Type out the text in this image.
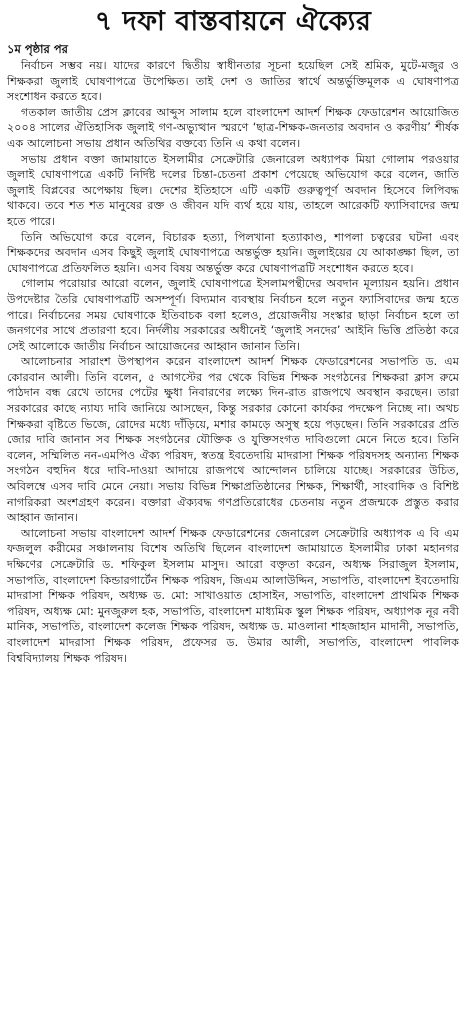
৭ দফা বাস্তবায়নে ঐক্যের
১ম পৃষ্ঠার পর

নির্বাচন সম্ভব নয়। যাদের কারণে দ্বিতীয় স্বাধীনতার সূচনা হয়েছিল সেই শ্রমিক, মুটে-মজুর ও শিক্ষকরা জুলাই ঘোষণাপত্রে উপেক্ষিত। তাই দেশ ও জাতির স্বার্থে অন্তর্ভুক্তিমূলক এ ঘোষণাপত্র সংশোধন করতে হবে।

গতকাল জাতীয় প্রেস ক্লাবের আব্দুস সালাম হলে বাংলাদেশ আদর্শ শিক্ষক ফেডারেশন আয়োজিত ২০০৪ সালের ঐতিহাসিক জুলাই গণ-অভ্যুত্থান স্মরণে ‘ছাত্র-শিক্ষক-জনতার অবদান ও করণীয়’ শীর্ষক এক আলোচনা সভায় প্রধান অতিথির বক্তব্যে তিনি এ কথা বলেন।

সভায় প্রধান বক্তা জামায়াতে ইসলামীর সেক্রেটারি জেনারেল অধ্যাপক মিয়া গোলাম পরওয়ার জুলাই ঘোষণাপত্রে একটি নির্দিষ্ট দলের চিন্তা-চেতনা প্রকাশ পেয়েছে অভিযোগ করে বলেন, জাতি জুলাই বিপ্লবের অপেক্ষায় ছিল। দেশের ইতিহাসে এটি একটি গুরুত্বপূর্ণ অবদান হিসেবে লিপিবদ্ধ থাকবে। তবে শত শত মানুষের রক্ত ও জীবন যদি ব্যর্থ হয়ে যায়, তাহলে আরেকটি ফ্যাসিবাদের জন্ম হতে পারে।

তিনি অভিযোগ করে বলেন, বিচারক হত্যা, পিলখানা হত্যাকাণ্ড, শাপলা চত্বরের ঘটনা এবং শিক্ষকদের অবদান এসব কিছুই জুলাই ঘোষণাপত্রে অন্তর্ভুক্ত হয়নি। জুলাইয়ের যে আকাঙ্ক্ষা ছিল, তা ঘোষণাপত্রে প্রতিফলিত হয়নি। এসব বিষয় অন্তর্ভুক্ত করে ঘোষণাপত্রটি সংশোধন করতে হবে।

গোলাম পরোয়ার আরো বলেন, জুলাই ঘোষণাপত্রে ইসলামপন্থীদের অবদান মূল্যায়ন হয়নি। প্রধান উপদেষ্টার তৈরি ঘোষণাপত্রটি অসম্পূর্ণ। বিদ্যমান ব্যবস্থায় নির্বাচন হলে নতুন ফ্যাসিবাদের জন্ম হতে পারে। নির্বাচনের সময় ঘোষণাকে ইতিবাচক বলা হলেও, প্রয়োজনীয় সংস্কার ছাড়া নির্বাচন হলে তা জনগণের সাথে প্রতারণা হবে। নির্দলীয় সরকারের অধীনেই ‘জুলাই সনদের’ আইনি ভিত্তি প্রতিষ্ঠা করে সেই আলোকে জাতীয় নির্বাচন আয়োজনের আহ্বান জানান তিনি।

আলোচনার সারাংশ উপস্থাপন করেন বাংলাদেশ আদর্শ শিক্ষক ফেডারেশনের সভাপতি ড. এম কোরবান আলী। তিনি বলেন, ৫ আগস্টের পর থেকে বিভিন্ন শিক্ষক সংগঠনের শিক্ষকরা ক্লাস রুমে পাঠদান বন্ধ রেখে তাদের পেটের ক্ষুধা নিবারণের লক্ষ্যে দিন-রাত রাজপথে অবস্থান করছেন। তারা সরকারের কাছে ন্যায্য দাবি জানিয়ে আসছেন, কিন্তু সরকার কোনো কার্যকর পদক্ষেপ নিচ্ছে না। অথচ শিক্ষকরা বৃষ্টিতে ভিজে, রোদের মধ্যে দাঁড়িয়ে, মশার কামড়ে অসুস্থ হয়ে পড়ছেন। তিনি সরকারের প্রতি জোর দাবি জানান সব শিক্ষক সংগঠনের যৌক্তিক ও যুক্তিসংগত দাবিগুলো মেনে নিতে হবে। তিনি বলেন, সম্মিলিত নন-এমপিও ঐক্য পরিষদ, স্বতন্ত্র ইবতেদায়ি মাদরাসা শিক্ষক পরিষদসহ অন্যান্য শিক্ষক সংগঠন বহুদিন ধরে দাবি-দাওয়া আদায়ে রাজপথে আন্দোলন চালিয়ে যাচ্ছে। সরকারের উচিত, অবিলম্বে এসব দাবি মেনে নেয়া। সভায় বিভিন্ন শিক্ষাপ্রতিষ্ঠানের শিক্ষক, শিক্ষার্থী, সাংবাদিক ও বিশিষ্ট নাগরিকরা অংশগ্রহণ করেন। বক্তারা ঐক্যবদ্ধ গণপ্রতিরোধের চেতনায় নতুন প্রজন্মকে প্রস্তুত করার আহ্বান জানান।

আলোচনা সভায় বাংলাদেশ আদর্শ শিক্ষক ফেডারেশনের জেনারেল সেক্রেটারি অধ্যাপক এ বি এম ফজলুল করীমের সঞ্চালনায় বিশেষ অতিথি ছিলেন বাংলাদেশ জামায়াতে ইসলামীর ঢাকা মহানগর দক্ষিণের সেক্রেটারি ড. শফিকুল ইসলাম মাসুদ। আরো বক্তৃতা করেন, অধ্যক্ষ সিরাজুল ইসলাম, সভাপতি, বাংলাদেশ কিন্ডারগার্টেন শিক্ষক পরিষদ, জিএম আলাউদ্দিন, সভাপতি, বাংলাদেশ ইবতেদায়ি মাদরাসা শিক্ষক পরিষদ, অধ্যক্ষ ড. মো: সাখাওয়াত হোসাইন, সভাপতি, বাংলাদেশ প্রাথমিক শিক্ষক পরিষদ, অধ্যক্ষ মো: মুনজুরুল হক, সভাপতি, বাংলাদেশ মাধ্যমিক স্কুল শিক্ষক পরিষদ, অধ্যাপক নূর নবী মানিক, সভাপতি, বাংলাদেশ কলেজ শিক্ষক পরিষদ, অধ্যক্ষ ড. মাওলানা শাহজাহান মাদানী, সভাপতি, বাংলাদেশ মাদরাসা শিক্ষক পরিষদ, প্রফেসর ড. উমার আলী, সভাপতি, বাংলাদেশ পাবলিক বিশ্ববিদ্যালয় শিক্ষক পরিষদ।
